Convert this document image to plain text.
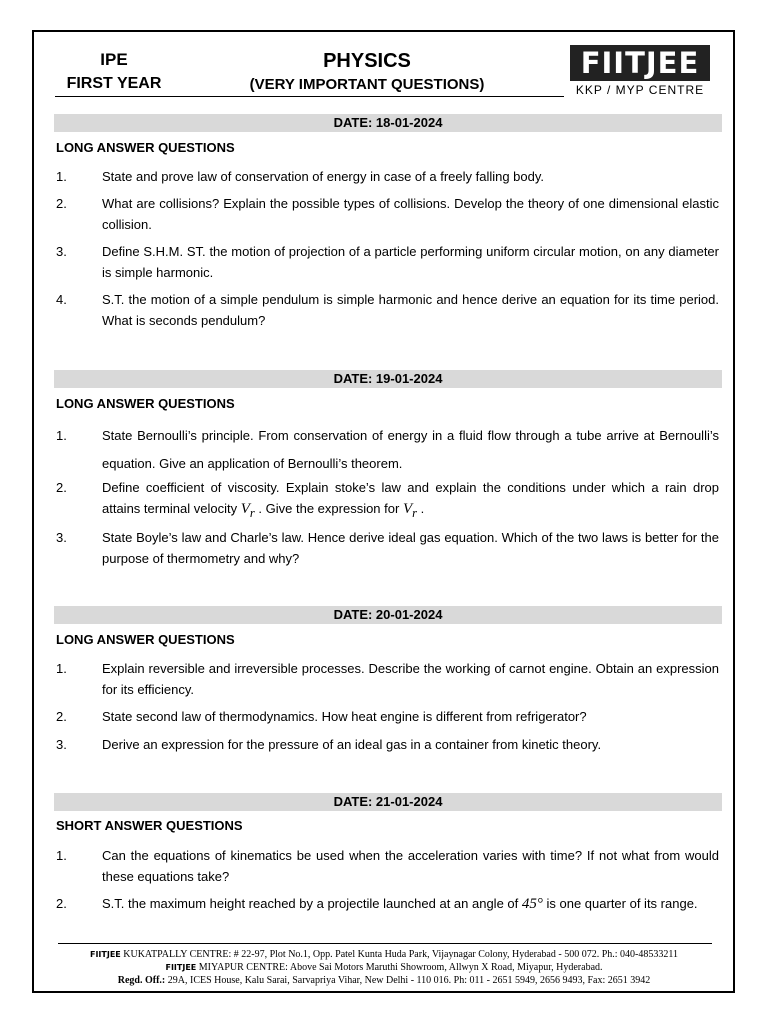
IPE
FIRST YEAR
PHYSICS
(VERY IMPORTANT QUESTIONS)
FIITJEE
KKP / MYP CENTRE
DATE: 18-01-2024
LONG ANSWER QUESTIONS
1.	State and prove law of conservation of energy in case of a freely falling body.
2.	What are collisions? Explain the possible types of collisions. Develop the theory of one dimensional elastic collision.
3.	Define S.H.M. ST. the motion of projection of a particle performing uniform circular motion, on any diameter is simple harmonic.
4.	S.T. the motion of a simple pendulum is simple harmonic and hence derive an equation for its time period. What is seconds pendulum?
DATE: 19-01-2024
LONG ANSWER QUESTIONS
1.	State Bernoulli’s principle. From conservation of energy in a fluid flow through a tube arrive at Bernoulli’s equation. Give an application of Bernoulli’s theorem.
2.	Define coefficient of viscosity. Explain stoke’s law and explain the conditions under which a rain drop attains terminal velocity $V_r$ . Give the expression for $V_r$ .
3.	State Boyle’s law and Charle’s law. Hence derive ideal gas equation. Which of the two laws is better for the purpose of thermometry and why?
DATE: 20-01-2024
LONG ANSWER QUESTIONS
1.	Explain reversible and irreversible processes. Describe the working of carnot engine. Obtain an expression for its efficiency.
2.	State second law of thermodynamics. How heat engine is different from refrigerator?
3.	Derive an expression for the pressure of an ideal gas in a container from kinetic theory.
DATE: 21-01-2024
SHORT ANSWER QUESTIONS
1.	Can the equations of kinematics be used when the acceleration varies with time? If not what from would these equations take?
2.	S.T. the maximum height reached by a projectile launched at an angle of 45° is one quarter of its range.
FIITJEE KUKATPALLY CENTRE: # 22-97, Plot No.1, Opp. Patel Kunta Huda Park, Vijaynagar Colony, Hyderabad - 500 072. Ph.: 040-48533211
FIITJEE MIYAPUR CENTRE: Above Sai Motors Maruthi Showroom, Allwyn X Road, Miyapur, Hyderabad.
Regd. Off.: 29A, ICES House, Kalu Sarai, Sarvapriya Vihar, New Delhi - 110 016. Ph: 011 - 2651 5949, 2656 9493, Fax: 2651 3942
